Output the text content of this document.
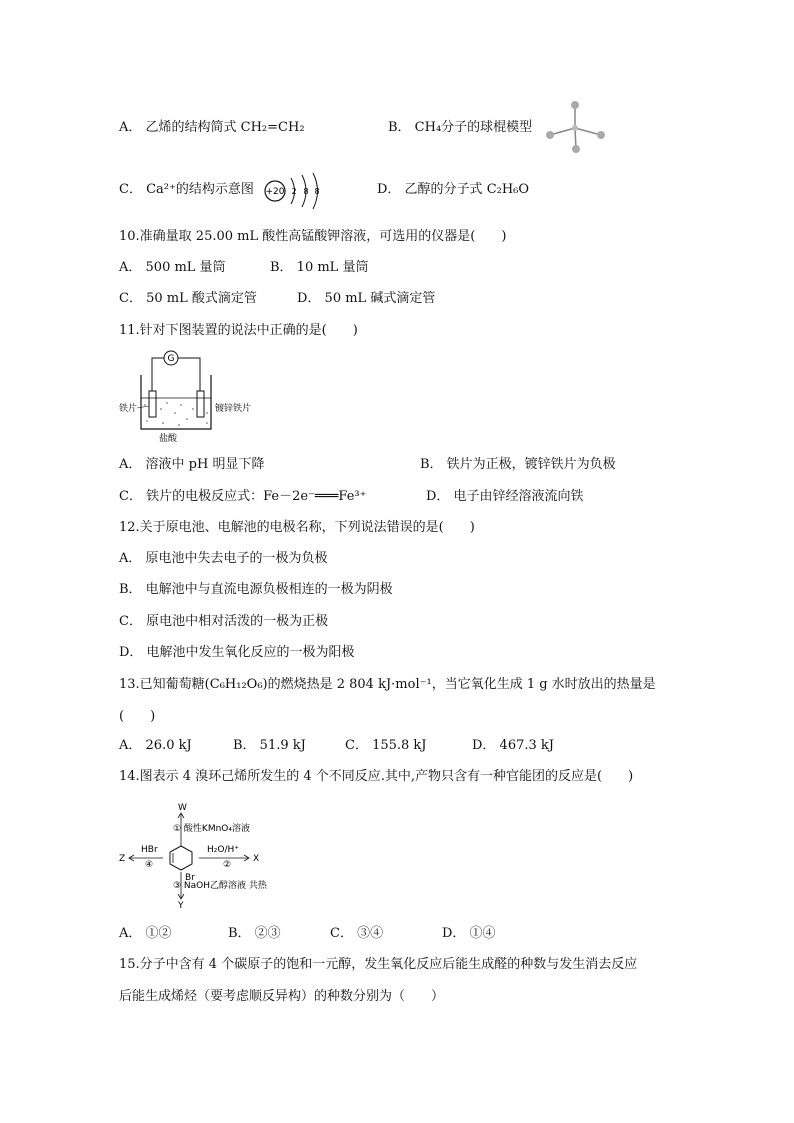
A． 乙烯的结构简式 CH₂=CH₂	B． CH₄分子的球棍模型
C． Ca²⁺的结构示意图 +20 2 8 8	D． 乙醇的分子式 C₂H₆O
10.准确量取 25.00 mL 酸性高锰酸钾溶液，可选用的仪器是(　　)
A． 500 mL 量筒	B． 10 mL 量筒
C． 50 mL 酸式滴定管	D． 50 mL 碱式滴定管
11.针对下图装置的说法中正确的是(　　)
G
铁片	镀锌铁片
盐酸
A． 溶液中 pH 明显下降	B． 铁片为正极，镀锌铁片为负极
C． 铁片的电极反应式：Fe－2e⁻═══Fe³⁺	D． 电子由锌经溶液流向铁
12.关于原电池、电解池的电极名称，下列说法错误的是(　　)
A． 原电池中失去电子的一极为负极
B． 电解池中与直流电源负极相连的一极为阴极
C． 原电池中相对活泼的一极为正极
D． 电解池中发生氧化反应的一极为阳极
13.已知葡萄糖(C₆H₁₂O₆)的燃烧热是 2 804 kJ·mol⁻¹，当它氧化生成 1 g 水时放出的热量是
(　　)
A． 26.0 kJ	B． 51.9 kJ	C． 155.8 kJ	D． 467.3 kJ
14.图表示 4 溴环己烯所发生的 4 个不同反应.其中,产物只含有一种官能团的反应是(　　)
W
① 酸性KMnO₄溶液
Br
H₂O/H⁺
②
X
HBr
④
Z
③ NaOH乙醇溶液 共热
Y
A． ①②	B． ②③	C． ③④	D． ①④
15.分子中含有 4 个碳原子的饱和一元醇，发生氧化反应后能生成醛的种数与发生消去反应
后能生成烯烃（要考虑顺反异构）的种数分别为（　　）
